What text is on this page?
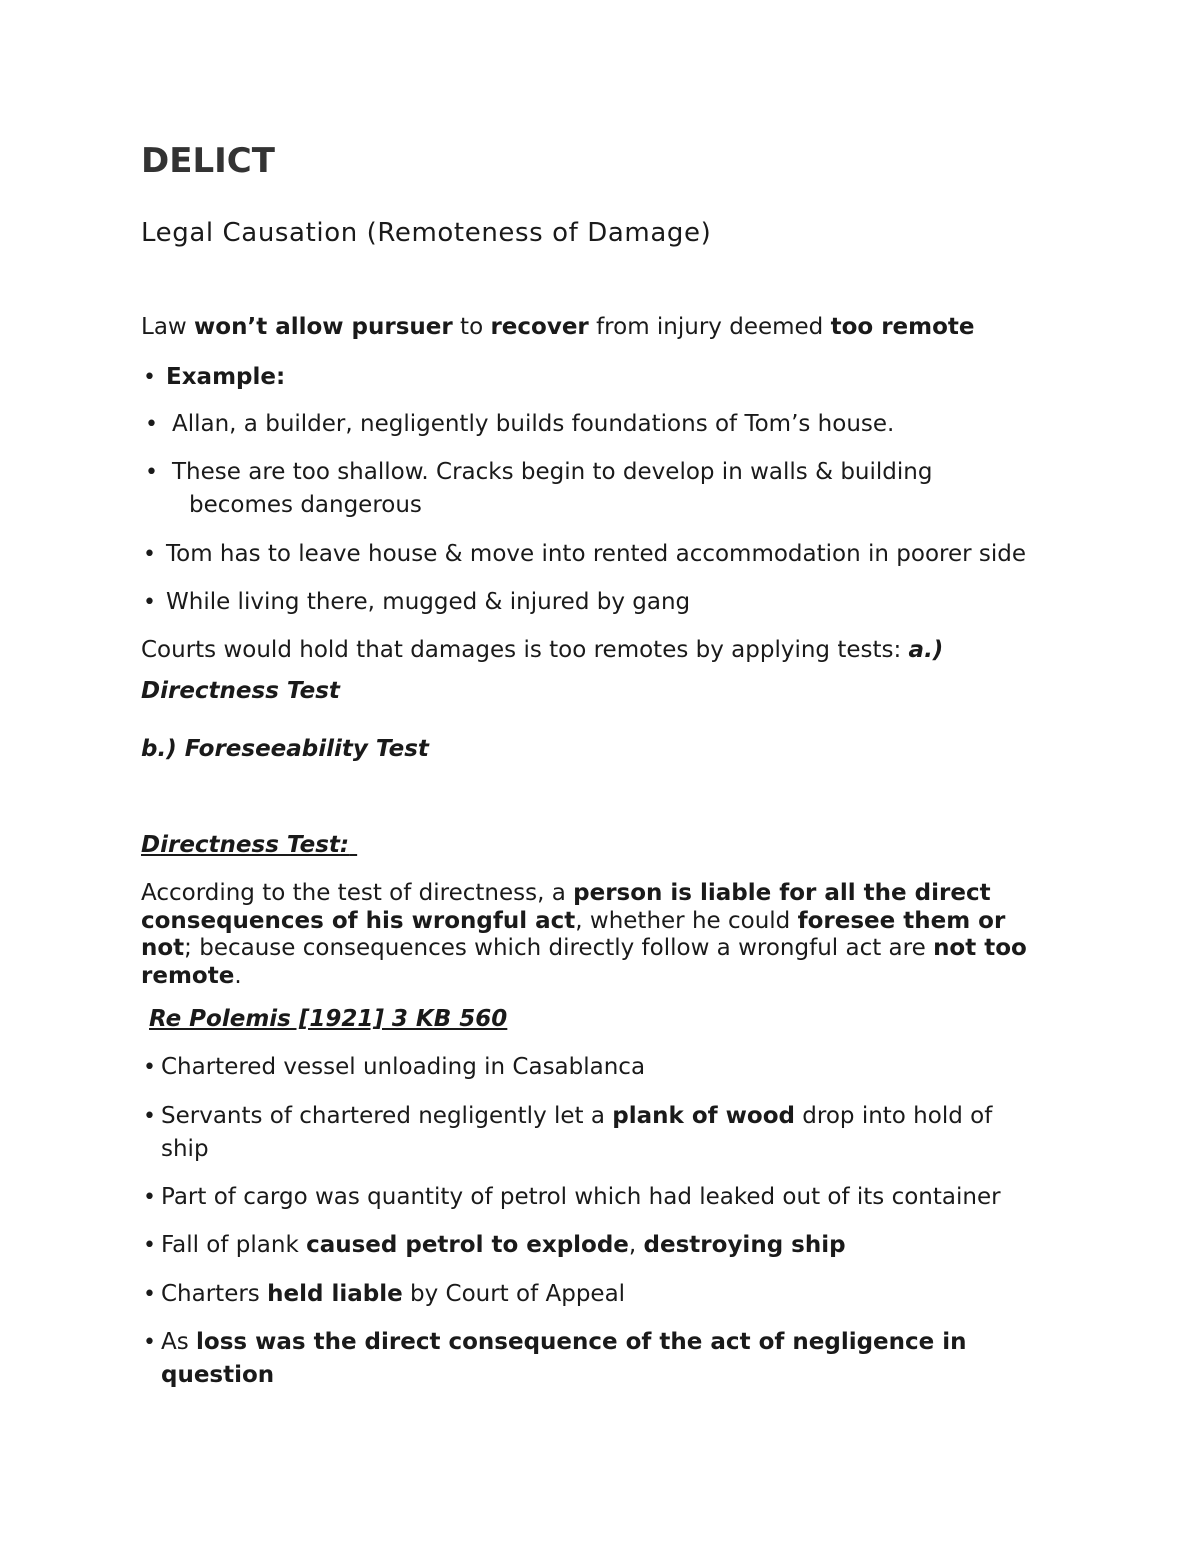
DELICT
Legal Causation (Remoteness of Damage)
Law won’t allow pursuer to recover from injury deemed too remote
• Example:
• Allan, a builder, negligently builds foundations of Tom’s house.
• These are too shallow. Cracks begin to develop in walls & building
becomes dangerous
• Tom has to leave house & move into rented accommodation in poorer side
• While living there, mugged & injured by gang
Courts would hold that damages is too remotes by applying tests: a.)
Directness Test
b.) Foreseeability Test
Directness Test:
According to the test of directness, a person is liable for all the direct
consequences of his wrongful act, whether he could foresee them or
not; because consequences which directly follow a wrongful act are not too
remote.
Re Polemis [1921] 3 KB 560
• Chartered vessel unloading in Casablanca
• Servants of chartered negligently let a plank of wood drop into hold of
ship
• Part of cargo was quantity of petrol which had leaked out of its container
• Fall of plank caused petrol to explode, destroying ship
• Charters held liable by Court of Appeal
• As loss was the direct consequence of the act of negligence in
question
